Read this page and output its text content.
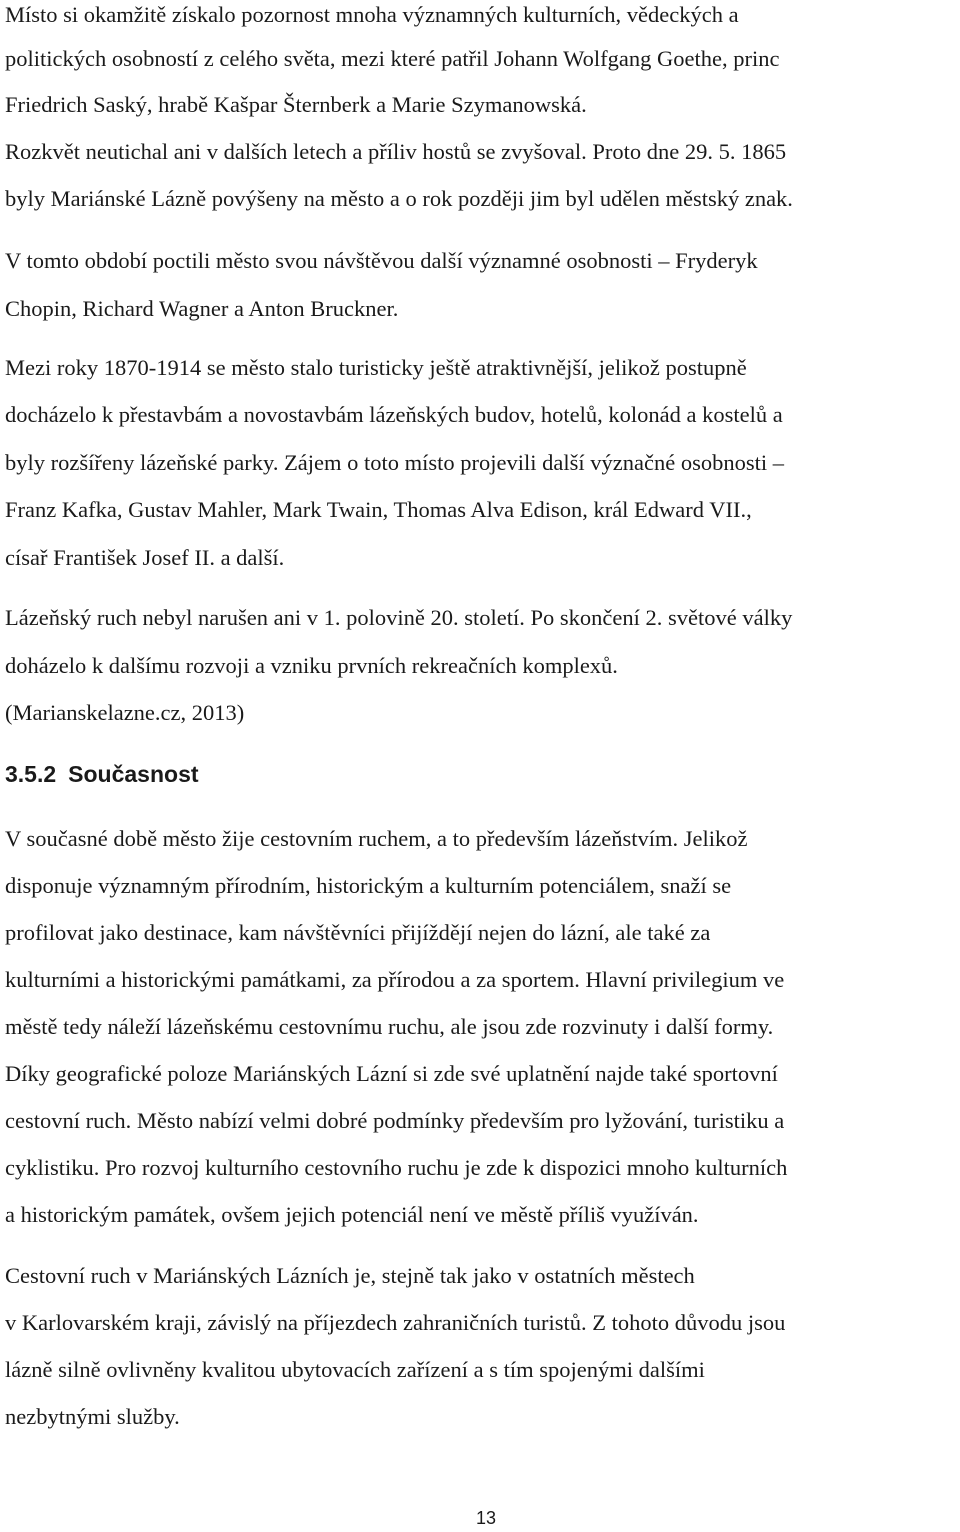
Místo si okamžitě získalo pozornost mnoha významných kulturních, vědeckých a
politických osobností z celého světa, mezi které patřil Johann Wolfgang Goethe, princ
Friedrich Saský, hrabě Kašpar Šternberk a Marie Szymanowská.
Rozkvět neutichal ani v dalších letech a příliv hostů se zvyšoval. Proto dne 29. 5. 1865
byly Mariánské Lázně povýšeny na město a o rok později jim byl udělen městský znak.
V tomto období poctili město svou návštěvou další významné osobnosti – Fryderyk
Chopin, Richard Wagner a Anton Bruckner.
Mezi roky 1870-1914 se město stalo turisticky ještě atraktivnější, jelikož postupně
docházelo k přestavbám a novostavbám lázeňských budov, hotelů, kolonád a kostelů a
byly rozšířeny lázeňské parky. Zájem o toto místo projevili další význačné osobnosti –
Franz Kafka, Gustav Mahler, Mark Twain, Thomas Alva Edison, král Edward VII.,
císař František Josef II. a další.
Lázeňský ruch nebyl narušen ani v 1. polovině 20. století. Po skončení 2. světové války
doházelo k dalšímu rozvoji a vzniku prvních rekreačních komplexů.
(Marianskelazne.cz, 2013)
3.5.2 Současnost
V současné době město žije cestovním ruchem, a to především lázeňstvím. Jelikož
disponuje významným přírodním, historickým a kulturním potenciálem, snaží se
profilovat jako destinace, kam návštěvníci přijíždějí nejen do lázní, ale také za
kulturními a historickými památkami, za přírodou a za sportem. Hlavní privilegium ve
městě tedy náleží lázeňskému cestovnímu ruchu, ale jsou zde rozvinuty i další formy.
Díky geografické poloze Mariánských Lázní si zde své uplatnění najde také sportovní
cestovní ruch. Město nabízí velmi dobré podmínky především pro lyžování, turistiku a
cyklistiku. Pro rozvoj kulturního cestovního ruchu je zde k dispozici mnoho kulturních
a historickým památek, ovšem jejich potenciál není ve městě příliš využíván.
Cestovní ruch v Mariánských Lázních je, stejně tak jako v ostatních městech
v Karlovarském kraji, závislý na příjezdech zahraničních turistů. Z tohoto důvodu jsou
lázně silně ovlivněny kvalitou ubytovacích zařízení a s tím spojenými dalšími
nezbytnými služby.
13
